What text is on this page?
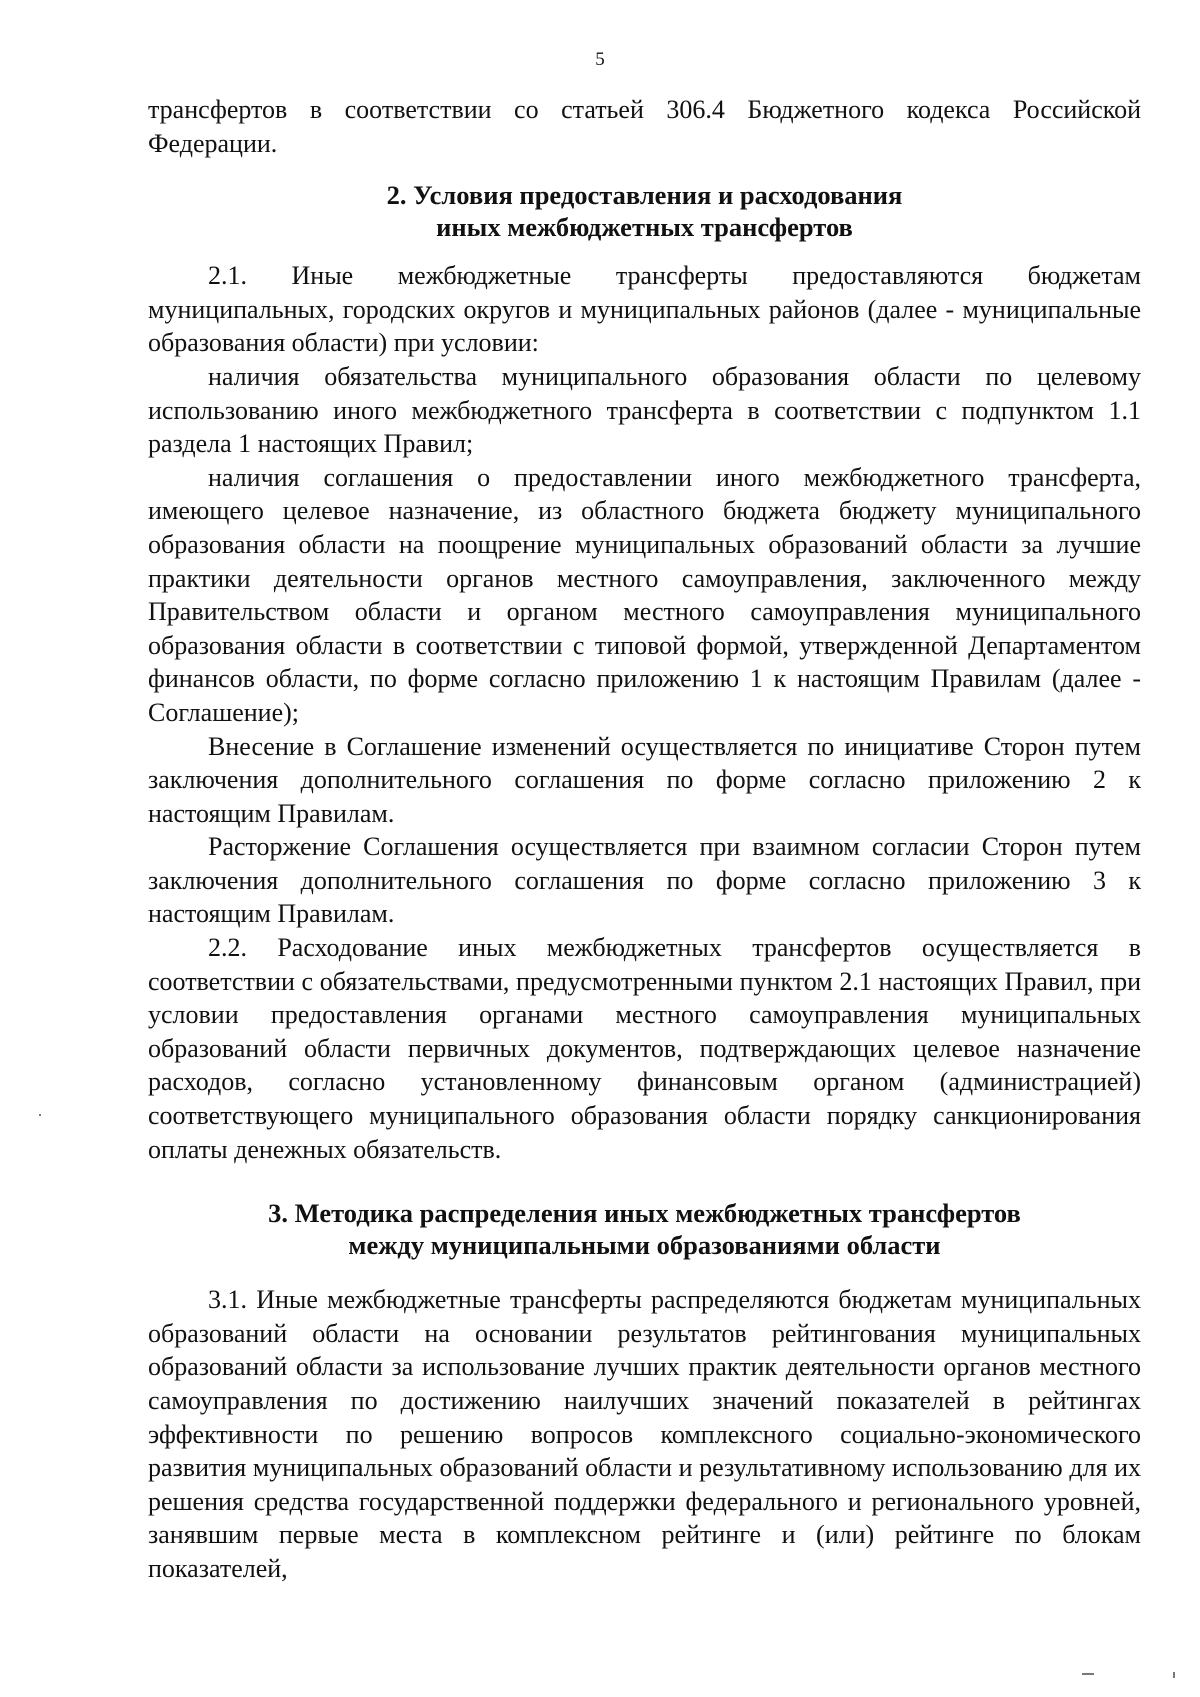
5

трансфертов в соответствии со статьей 306.4 Бюджетного кодекса Российской Федерации.

2. Условия предоставления и расходования
иных межбюджетных трансфертов

2.1. Иные межбюджетные трансферты предоставляются бюджетам муниципальных, городских округов и муниципальных районов (далее - муниципальные образования области) при условии:

наличия обязательства муниципального образования области по целевому использованию иного межбюджетного трансферта в соответствии с подпунктом 1.1 раздела 1 настоящих Правил;

наличия соглашения о предоставлении иного межбюджетного трансферта, имеющего целевое назначение, из областного бюджета бюджету муниципального образования области на поощрение муниципальных образований области за лучшие практики деятельности органов местного самоуправления, заключенного между Правительством области и органом местного самоуправления муниципального образования области в соответствии с типовой формой, утвержденной Департаментом финансов области, по форме согласно приложению 1 к настоящим Правилам (далее - Соглашение);

Внесение в Соглашение изменений осуществляется по инициативе Сторон путем заключения дополнительного соглашения по форме согласно приложению 2 к настоящим Правилам.

Расторжение Соглашения осуществляется при взаимном согласии Сторон путем заключения дополнительного соглашения по форме согласно приложению 3 к настоящим Правилам.

2.2. Расходование иных межбюджетных трансфертов осуществляется в соответствии с обязательствами, предусмотренными пунктом 2.1 настоящих Правил, при условии предоставления органами местного самоуправления муниципальных образований области первичных документов, подтверждающих целевое назначение расходов, согласно установленному финансовым органом (администрацией) соответствующего муниципального образования области порядку санкционирования оплаты денежных обязательств.

3. Методика распределения иных межбюджетных трансфертов
между муниципальными образованиями области

3.1. Иные межбюджетные трансферты распределяются бюджетам муниципальных образований области на основании результатов рейтингования муниципальных образований области за использование лучших практик деятельности органов местного самоуправления по достижению наилучших значений показателей в рейтингах эффективности по решению вопросов комплексного социально-экономического развития муниципальных образований области и результативному использованию для их решения средства государственной поддержки федерального и регионального уровней, занявшим первые места в комплексном рейтинге и (или) рейтинге по блокам показателей,
